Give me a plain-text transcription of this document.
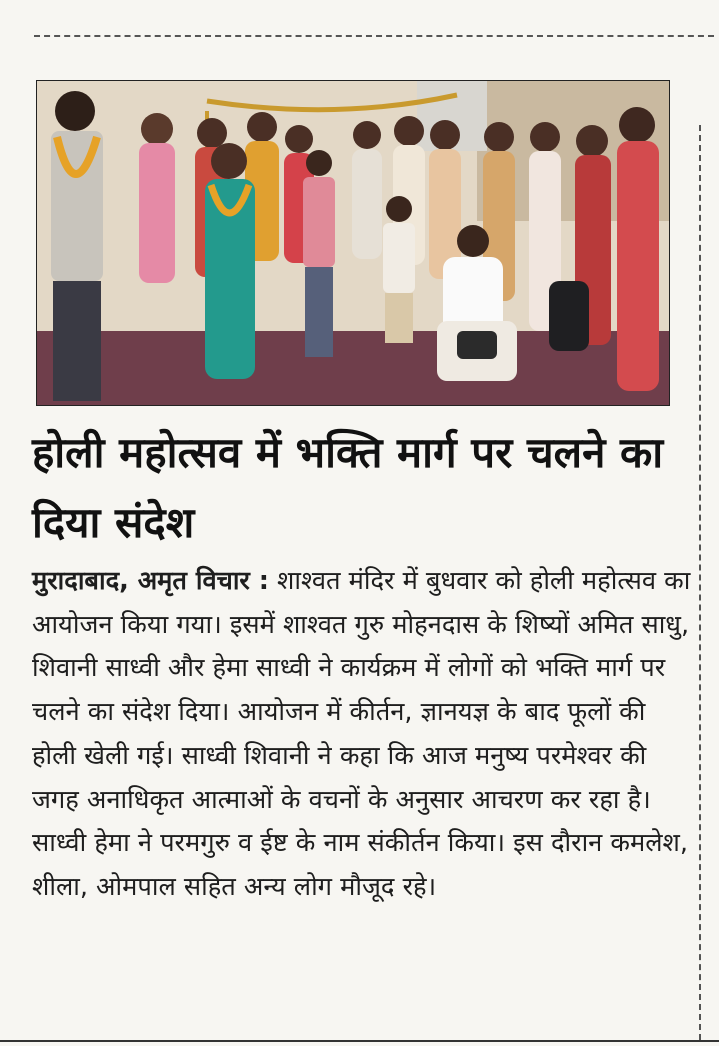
होली महोत्सव में भक्ति मार्ग पर चलने का दिया संदेश

मुरादाबाद, अमृत विचार : शाश्वत मंदिर में बुधवार को होली महोत्सव का आयोजन किया गया। इसमें शाश्वत गुरु मोहनदास के शिष्यों अमित साधु, शिवानी साध्वी और हेमा साध्वी ने कार्यक्रम में लोगों को भक्ति मार्ग पर चलने का संदेश दिया। आयोजन में कीर्तन, ज्ञानयज्ञ के बाद फूलों की होली खेली गई। साध्वी शिवानी ने कहा कि आज मनुष्य परमेश्वर की जगह अनाधिकृत आत्माओं के वचनों के अनुसार आचरण कर रहा है। साध्वी हेमा ने परमगुरु व ईष्ट के नाम संकीर्तन किया। इस दौरान कमलेश, शीला, ओमपाल सहित अन्य लोग मौजूद रहे।
